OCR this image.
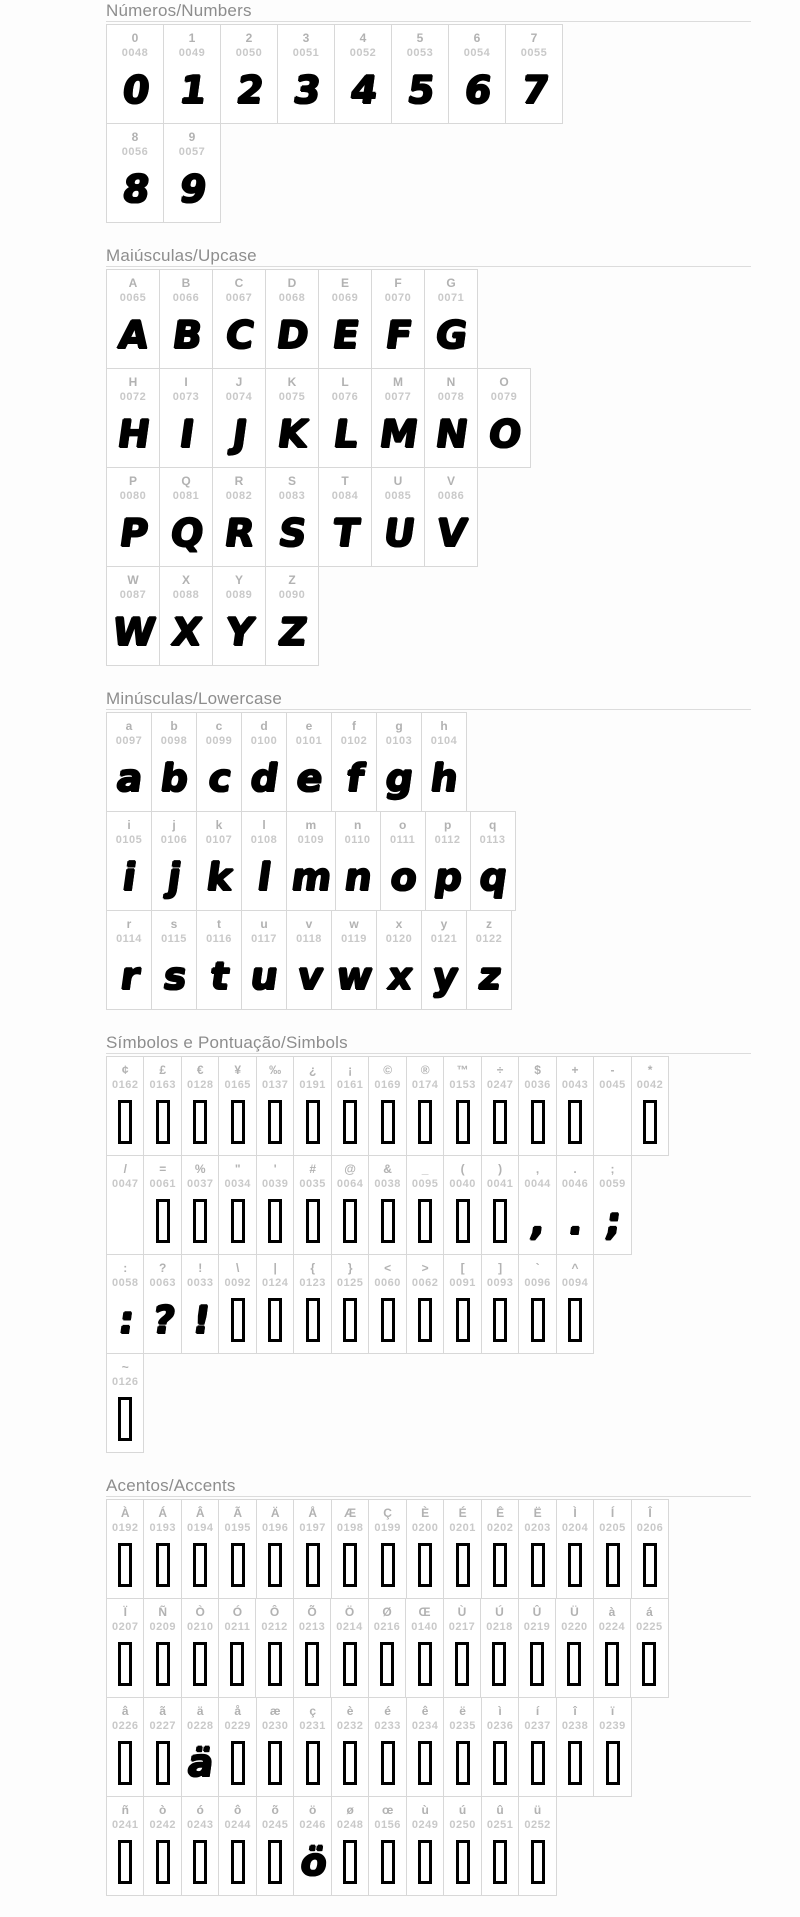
Números/Numbers
0
0048
0
1
0049
1
2
0050
2
3
0051
3
4
0052
4
5
0053
5
6
0054
6
7
0055
7
8
0056
8
9
0057
9
Maiúsculas/Upcase
A
0065
A
B
0066
B
C
0067
C
D
0068
D
E
0069
E
F
0070
F
G
0071
G
H
0072
H
I
0073
I
J
0074
J
K
0075
K
L
0076
L
M
0077
M
N
0078
N
O
0079
O
P
0080
P
Q
0081
Q
R
0082
R
S
0083
S
T
0084
T
U
0085
U
V
0086
V
W
0087
W
X
0088
X
Y
0089
Y
Z
0090
Z
Minúsculas/Lowercase
a
0097
a
b
0098
b
c
0099
c
d
0100
d
e
0101
e
f
0102
f
g
0103
g
h
0104
h
i
0105
i
j
0106
j
k
0107
k
l
0108
l
m
0109
m
n
0110
n
o
0111
o
p
0112
p
q
0113
q
r
0114
r
s
0115
s
t
0116
t
u
0117
u
v
0118
v
w
0119
w
x
0120
x
y
0121
y
z
0122
z
Símbolos e Pontuação/Simbols
¢
0162
£
0163
€
0128
¥
0165
‰
0137
¿
0191
¡
0161
©
0169
®
0174
™
0153
÷
0247
$
0036
+
0043
-
0045
*
0042
/
0047
=
0061
%
0037
"
0034
'
0039
#
0035
@
0064
&
0038
_
0095
(
0040
)
0041
,
0044
,
.
0046
.
;
0059
;
:
0058
:
?
0063
?
!
0033
!
\
0092
|
0124
{
0123
}
0125
<
0060
>
0062
[
0091
]
0093
`
0096
^
0094
~
0126
Acentos/Accents
À
0192
Á
0193
Â
0194
Ã
0195
Ä
0196
Å
0197
Æ
0198
Ç
0199
È
0200
É
0201
Ê
0202
Ë
0203
Ì
0204
Í
0205
Î
0206
Ï
0207
Ñ
0209
Ò
0210
Ó
0211
Ô
0212
Õ
0213
Ö
0214
Ø
0216
Œ
0140
Ù
0217
Ú
0218
Û
0219
Ü
0220
à
0224
á
0225
â
0226
ã
0227
ä
0228
ä
å
0229
æ
0230
ç
0231
è
0232
é
0233
ê
0234
ë
0235
ì
0236
í
0237
î
0238
ï
0239
ñ
0241
ò
0242
ó
0243
ô
0244
õ
0245
ö
0246
ö
ø
0248
œ
0156
ù
0249
ú
0250
û
0251
ü
0252
